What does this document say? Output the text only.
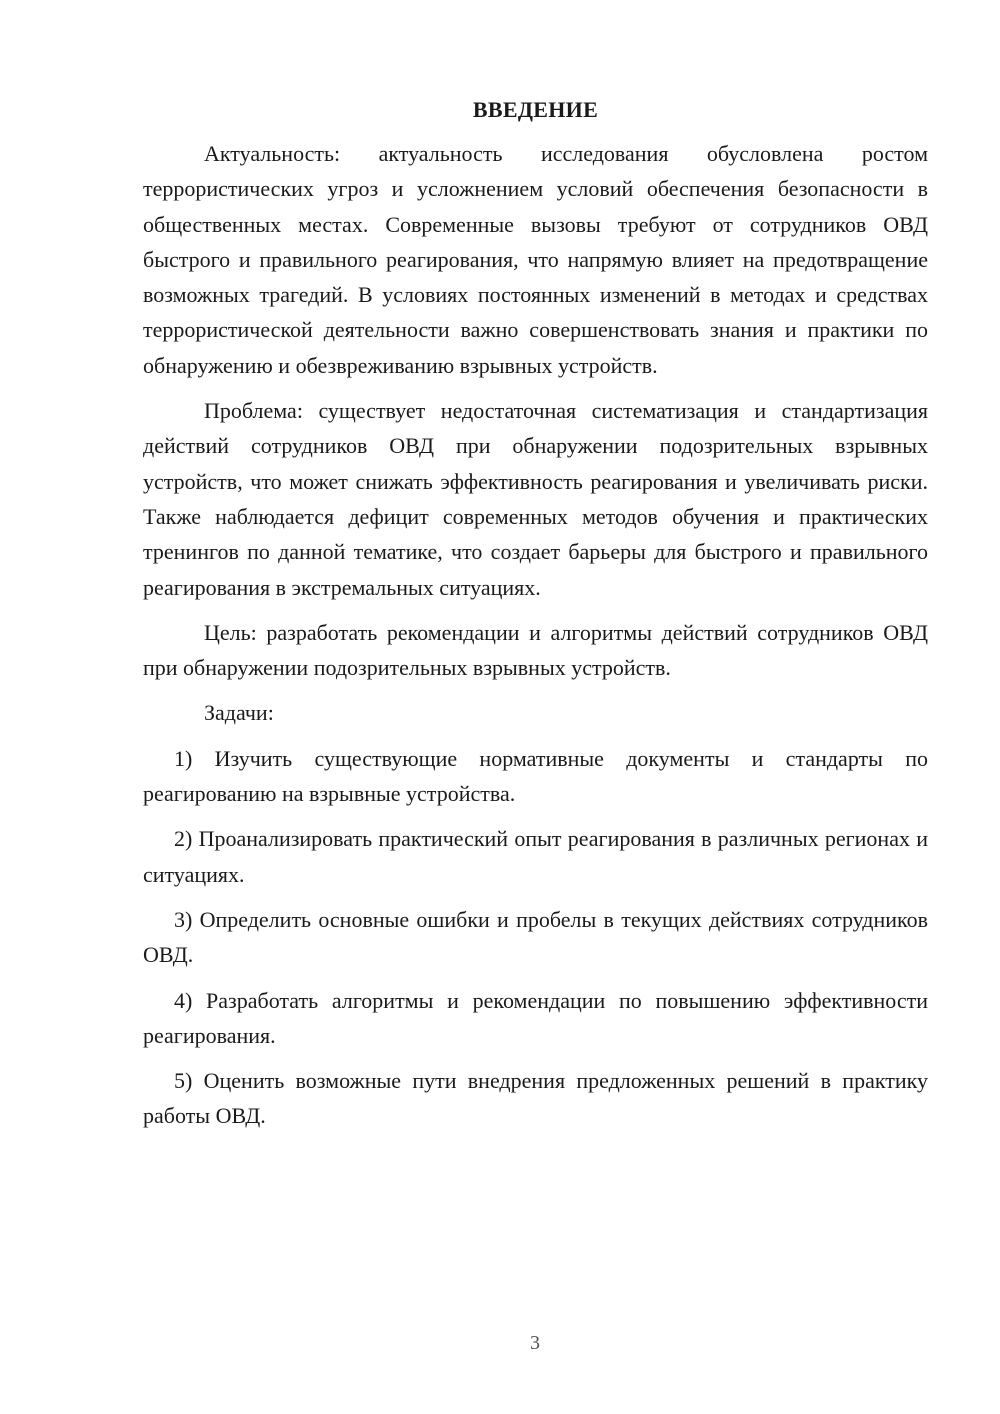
ВВЕДЕНИЕ

Актуальность: актуальность исследования обусловлена ростом террористических угроз и усложнением условий обеспечения безопасности в общественных местах. Современные вызовы требуют от сотрудников ОВД быстрого и правильного реагирования, что напрямую влияет на предотвращение возможных трагедий. В условиях постоянных изменений в методах и средствах террористической деятельности важно совершенствовать знания и практики по обнаружению и обезвреживанию взрывных устройств.

Проблема: существует недостаточная систематизация и стандартизация действий сотрудников ОВД при обнаружении подозрительных взрывных устройств, что может снижать эффективность реагирования и увеличивать риски. Также наблюдается дефицит современных методов обучения и практических тренингов по данной тематике, что создает барьеры для быстрого и правильного реагирования в экстремальных ситуациях.

Цель: разработать рекомендации и алгоритмы действий сотрудников ОВД при обнаружении подозрительных взрывных устройств.

Задачи:

1) Изучить существующие нормативные документы и стандарты по реагированию на взрывные устройства.

2) Проанализировать практический опыт реагирования в различных регионах и ситуациях.

3) Определить основные ошибки и пробелы в текущих действиях сотрудников ОВД.

4) Разработать алгоритмы и рекомендации по повышению эффективности реагирования.

5) Оценить возможные пути внедрения предложенных решений в практику работы ОВД.

3
